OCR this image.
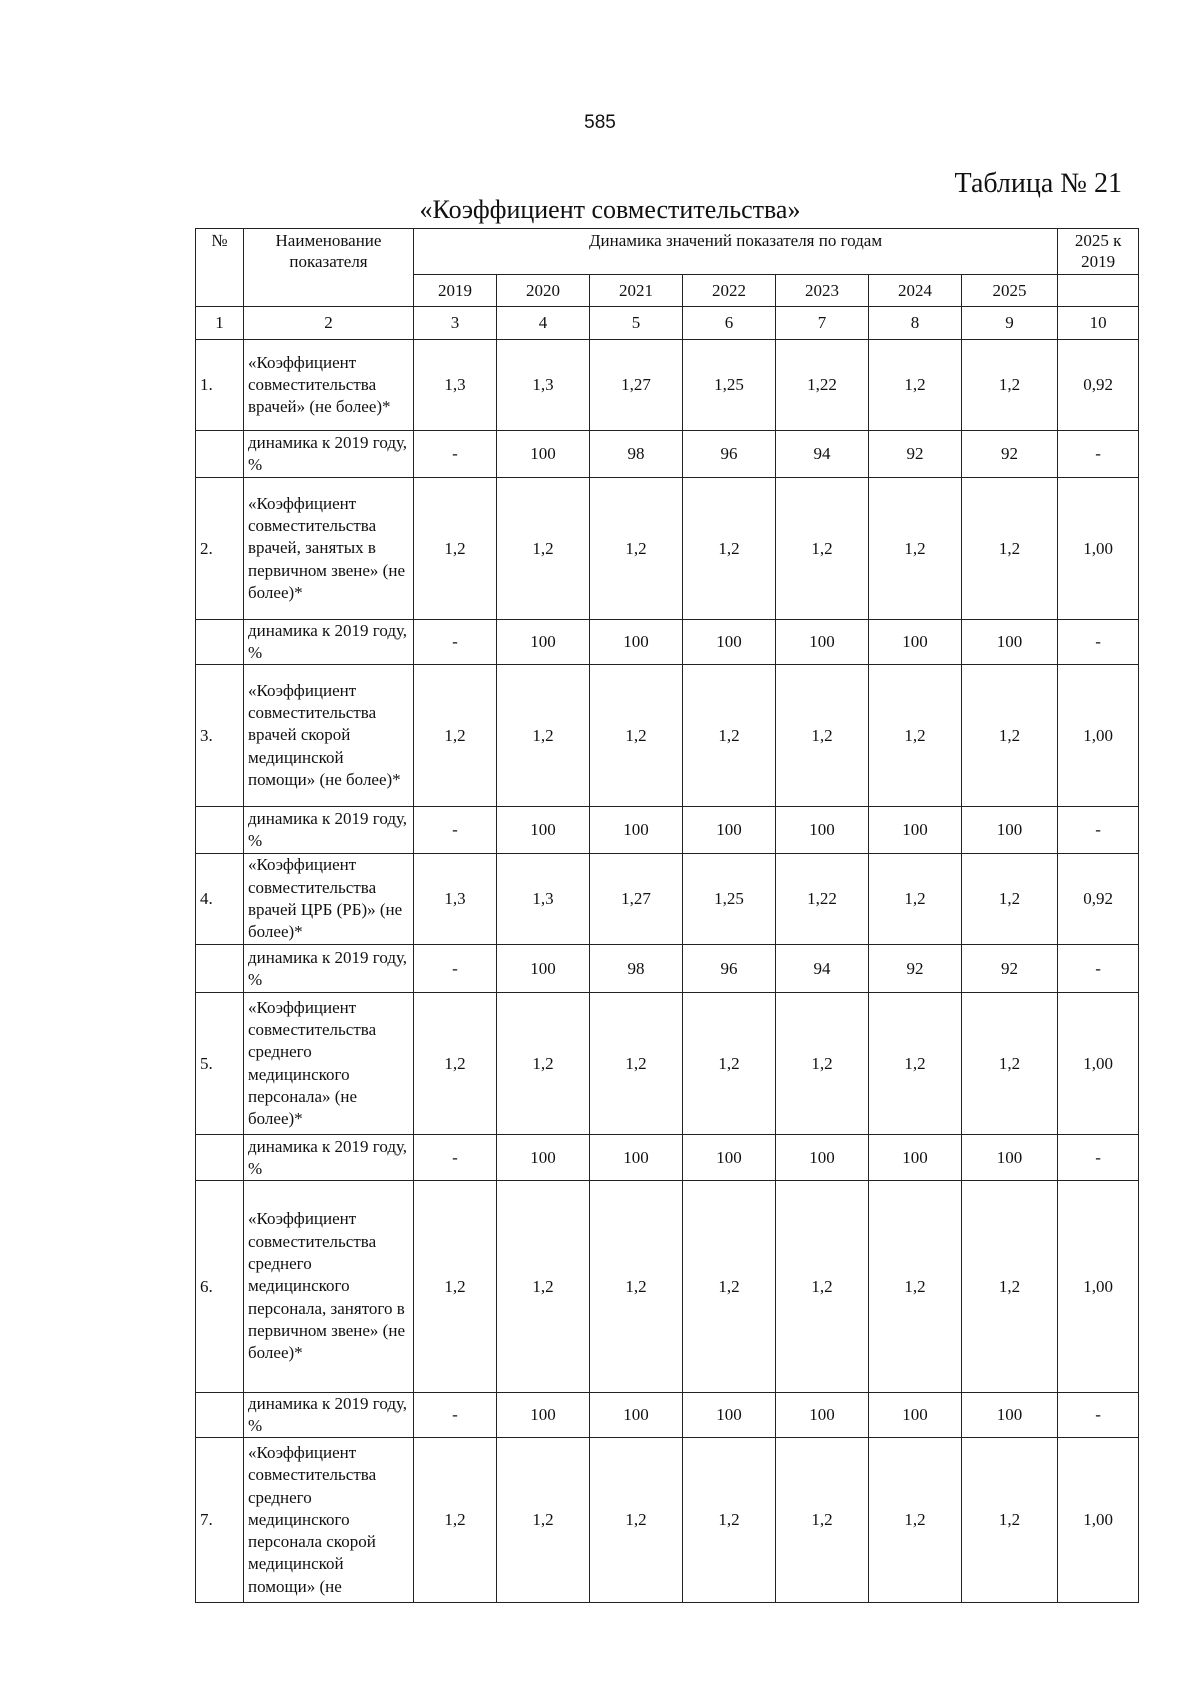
585
Таблица № 21
«Коэффициент совместительства»
№	Наименование показателя	Динамика значений показателя по годам							2025 к 2019
		2019	2020	2021	2022	2023	2024	2025	
1	2	3	4	5	6	7	8	9	10
1.	«Коэффициент совместительства врачей» (не более)*	1,3	1,3	1,27	1,25	1,22	1,2	1,2	0,92
	динамика к 2019 году, %	-	100	98	96	94	92	92	-
2.	«Коэффициент совместительства врачей, занятых в первичном звене» (не более)*	1,2	1,2	1,2	1,2	1,2	1,2	1,2	1,00
	динамика к 2019 году, %	-	100	100	100	100	100	100	-
3.	«Коэффициент совместительства врачей скорой медицинской помощи» (не более)*	1,2	1,2	1,2	1,2	1,2	1,2	1,2	1,00
	динамика к 2019 году, %	-	100	100	100	100	100	100	-
4.	«Коэффициент совместительства врачей ЦРБ (РБ)» (не более)*	1,3	1,3	1,27	1,25	1,22	1,2	1,2	0,92
	динамика к 2019 году, %	-	100	98	96	94	92	92	-
5.	«Коэффициент совместительства среднего медицинского персонала» (не более)*	1,2	1,2	1,2	1,2	1,2	1,2	1,2	1,00
	динамика к 2019 году, %	-	100	100	100	100	100	100	-
6.	«Коэффициент совместительства среднего медицинского персонала, занятого в первичном звене» (не более)*	1,2	1,2	1,2	1,2	1,2	1,2	1,2	1,00
	динамика к 2019 году, %	-	100	100	100	100	100	100	-
7.	«Коэффициент совместительства среднего медицинского персонала скорой медицинской помощи» (не	1,2	1,2	1,2	1,2	1,2	1,2	1,2	1,00
